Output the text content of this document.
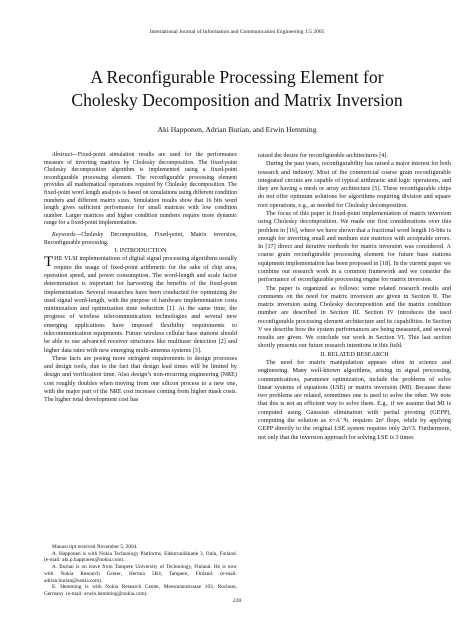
International Journal of Information and Communication Engineering 1:5 2005
A Reconfigurable Processing Element for
Cholesky Decomposition and Matrix Inversion
Aki Happonen, Adrian Burian, and Erwin Hemming

Abstract—Fixed-point simulation results are used for the performance measure of inverting matrices by Cholesky decomposition. The fixed-point Cholesky decomposition algorithm is implemented using a fixed-point reconfigurable processing element. The reconfigurable processing element provides all mathematical operations required by Cholesky decomposition. The fixed-point word length analysis is based on simulations using different condition numbers and different matrix sizes. Simulation results show that 16 bits word length gives sufficient performance for small matrices with low condition number. Larger matrices and higher condition numbers require more dynamic range for a fixed-point implementation.

Keywords—Cholesky Decomposition, Fixed-point, Matrix inversion, Reconfigurable processing.

I. INTRODUCTION

THE VLSI implementations of digital signal processing algorithms usually require the usage of fixed-point arithmetic for the sake of chip area, operation speed, and power consumption. The word-length and scale factor determination is important for harvesting the benefits of the fixed-point implementation. Several researches have been conducted for optimizing the used signal word-length, with the purpose of hardware implementation costs minimization and optimization time reduction [1]. At the same time, the progress of wireless telecommunication technologies and several new emerging applications have imposed flexibility requirements to telecommunication equipments. Future wireless cellular base stations should be able to use advanced receiver structures like multiuser detection [2] and higher data rates with new emerging multi-antenna systems [3].

These facts are posing more stringent requirements to design processes and design tools, due to the fact that design lead times will be limited by design and verification time. Also design’s non-recurring engineering (NRE) cost roughly doubles when moving from one silicon process to a new one, with the major part of the NRE cost increase coming from higher mask costs. The higher total development cost has

Manuscript received November 5, 2004.

A. Happonen is with Nokia Technology Platforms, Elektroniikkatie 3, Oulu, Finland. (e-mail: aki.p.happonen@nokia.com).

A. Burian is on leave from Tampere University of Technology, Finland. He is now with Nokia Research Center, Hermia 5B4, Tampere, Finland. (e-mail: adrian.burian@nokia.com).

E. Hemming is with Nokia Research Center, Meesmannstrasse 103, Bochum, Germany. (e-mail: erwin.hemming@nokia.com).

raised the desire for reconfigurable architectures [4].

During the past years, reconfigurability has raised a major interest for both research and industry. Most of the commercial coarse grain reconfigurable integrated circuits are capable of typical arithmetic and logic operations, and they are having a mesh or array architecture [5]. These reconfigurable chips do not offer optimum solutions for algorithms requiring division and square root operations, e.g., as needed for Cholesky decomposition.

The focus of this paper is fixed-point implementation of matrix inversion using Cholesky decomposition. We made our first considerations over this problem in [16], where we have shown that a fractional word length 16-bits is enough for inverting small and medium size matrices with acceptable errors. In [17] direct and iterative methods for matrix inversion was considered. A coarse grain reconfigurable processing element for future base stations equipment implementation has been proposed in [18]. In the current paper we combine our research work in a common framework and we consider the performance of reconfigurable processing engine for matrix inversion.

The paper is organized as follows: some related research results and comments on the need for matrix inversion are given in Section II. The matrix inversion using Cholesky decomposition and the matrix condition number are described in Section III. Section IV introduces the used reconfigurable processing element architecture and its capabilities. In Section V we describe how the system performances are being measured, and several results are given. We conclude our work in Section VI. This last section shortly presents our future research intentions in this field.

II. RELATED RESEARCH

The need for matrix manipulation appears often in science and engineering. Many well-known algorithms, arising in signal processing, communications, parameter optimization, include the problems of solve linear systems of equations (LSE) or matrix inversion (MI). Because these two problems are related, sometimes one is used to solve the other. We note that this is not an efficient way to solve them. E.g., if we assume that MI is computed using Gaussian elimination with partial pivoting (GEPP), computing the solution as x=A⁻¹b, requires 2n³ flops, while by applying GEPP directly to the original LSE system requires only 2n³/3. Furthermore, not only that the inversion approach for solving LSE is 3 times

228
